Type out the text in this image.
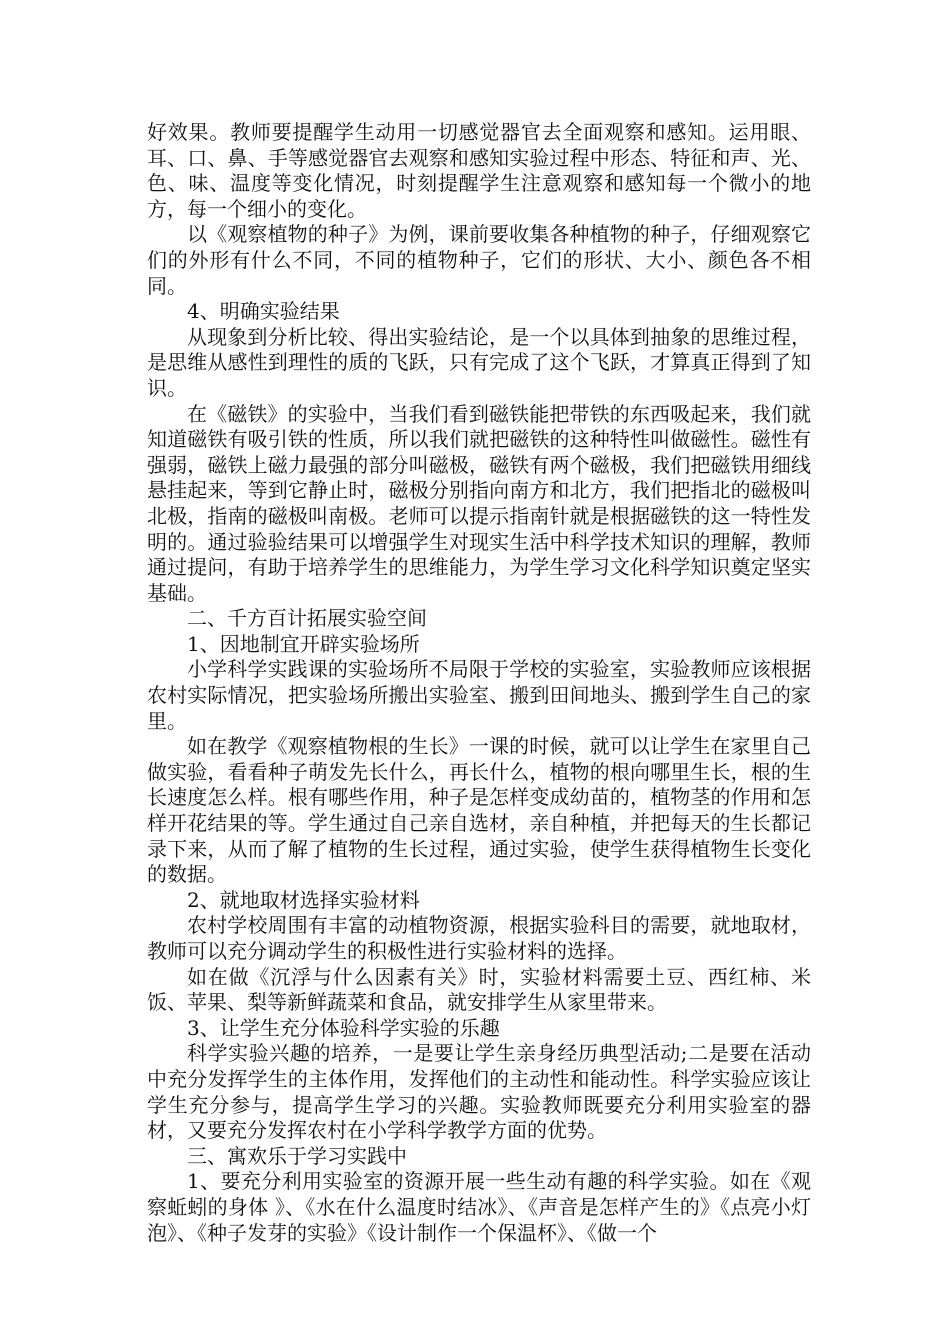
好效果。教师要提醒学生动用一切感觉器官去全面观察和感知。运用眼、耳、口、鼻、手等感觉器官去观察和感知实验过程中形态、特征和声、光、色、味、温度等变化情况，时刻提醒学生注意观察和感知每一个微小的地方，每一个细小的变化。

以《观察植物的种子》为例，课前要收集各种植物的种子，仔细观察它们的外形有什么不同，不同的植物种子，它们的形状、大小、颜色各不相同。

4、明确实验结果

从现象到分析比较、得出实验结论，是一个以具体到抽象的思维过程，是思维从感性到理性的质的飞跃，只有完成了这个飞跃，才算真正得到了知识。

在《磁铁》的实验中，当我们看到磁铁能把带铁的东西吸起来，我们就知道磁铁有吸引铁的性质，所以我们就把磁铁的这种特性叫做磁性。磁性有强弱，磁铁上磁力最强的部分叫磁极，磁铁有两个磁极，我们把磁铁用细线悬挂起来，等到它静止时，磁极分别指向南方和北方，我们把指北的磁极叫北极，指南的磁极叫南极。老师可以提示指南针就是根据磁铁的这一特性发明的。通过验验结果可以增强学生对现实生活中科学技术知识的理解，教师通过提问，有助于培养学生的思维能力，为学生学习文化科学知识奠定坚实基础。

二、千方百计拓展实验空间

1、因地制宜开辟实验场所

小学科学实践课的实验场所不局限于学校的实验室，实验教师应该根据农村实际情况，把实验场所搬出实验室、搬到田间地头、搬到学生自己的家里。

如在教学《观察植物根的生长》一课的时候，就可以让学生在家里自己做实验，看看种子萌发先长什么，再长什么，植物的根向哪里生长，根的生长速度怎么样。根有哪些作用，种子是怎样变成幼苗的，植物茎的作用和怎样开花结果的等。学生通过自己亲自选材，亲自种植，并把每天的生长都记录下来，从而了解了植物的生长过程，通过实验，使学生获得植物生长变化的数据。

2、就地取材选择实验材料

农村学校周围有丰富的动植物资源，根据实验科目的需要，就地取材，教师可以充分调动学生的积极性进行实验材料的选择。

如在做《沉浮与什么因素有关》时，实验材料需要土豆、西红柿、米饭、苹果、梨等新鲜蔬菜和食品，就安排学生从家里带来。

3、让学生充分体验科学实验的乐趣

科学实验兴趣的培养，一是要让学生亲身经历典型活动;二是要在活动中充分发挥学生的主体作用，发挥他们的主动性和能动性。科学实验应该让学生充分参与，提高学生学习的兴趣。实验教师既要充分利用实验室的器材，又要充分发挥农村在小学科学教学方面的优势。

三、寓欢乐于学习实践中

1、要充分利用实验室的资源开展一些生动有趣的科学实验。如在《观察蚯蚓的身体 》、《水在什么温度时结冰》、《声音是怎样产生的》《点亮小灯泡》、《种子发芽的实验》《设计制作一个保温杯》、《做一个
